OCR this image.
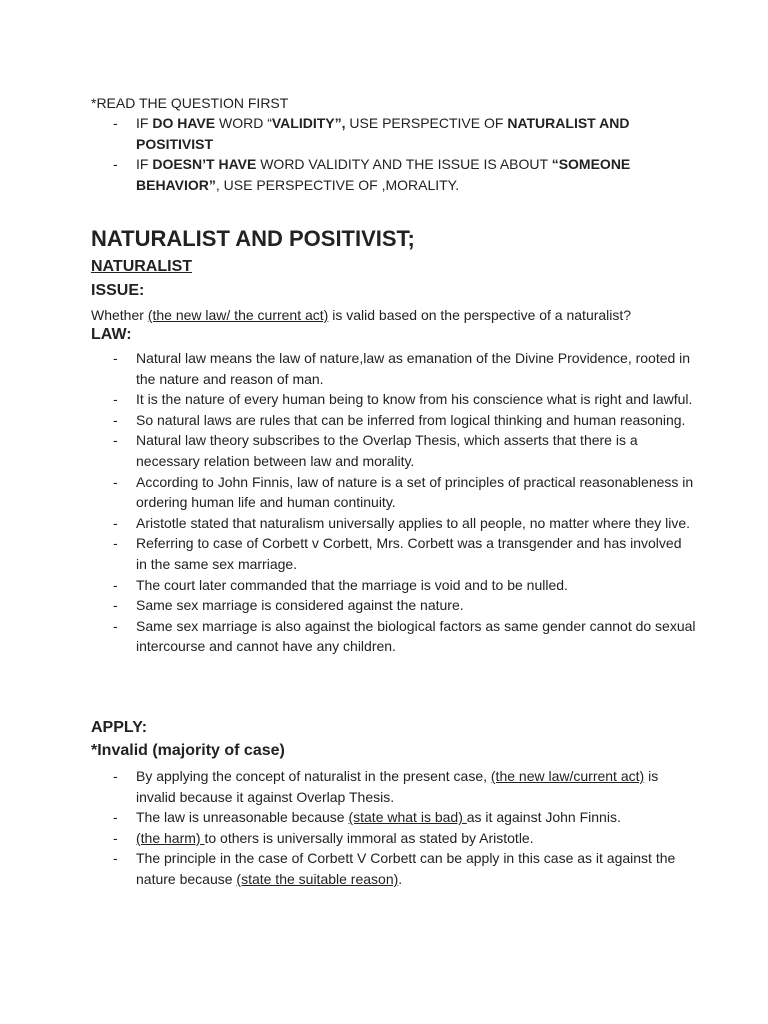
*READ THE QUESTION FIRST
- IF DO HAVE WORD “VALIDITY”, USE PERSPECTIVE OF NATURALIST AND POSITIVIST
- IF DOESN’T HAVE WORD VALIDITY AND THE ISSUE IS ABOUT “SOMEONE BEHAVIOR”, USE PERSPECTIVE OF ,MORALITY.
NATURALIST AND POSITIVIST;
NATURALIST
ISSUE:
Whether (the new law/ the current act) is valid based on the perspective of a naturalist?
LAW:
- Natural law means the law of nature,law as emanation of the Divine Providence, rooted in the nature and reason of man.
- It is the nature of every human being to know from his conscience what is right and lawful.
- So natural laws are rules that can be inferred from logical thinking and human reasoning.
- Natural law theory subscribes to the Overlap Thesis, which asserts that there is a necessary relation between law and morality.
- According to John Finnis, law of nature is a set of principles of practical reasonableness in ordering human life and human continuity.
- Aristotle stated that naturalism universally applies to all people, no matter where they live.
- Referring to case of Corbett v Corbett, Mrs. Corbett was a transgender and has involved in the same sex marriage.
- The court later commanded that the marriage is void and to be nulled.
- Same sex marriage is considered against the nature.
- Same sex marriage is also against the biological factors as same gender cannot do sexual intercourse and cannot have any children.
APPLY:
*Invalid (majority of case)
- By applying the concept of naturalist in the present case, (the new law/current act) is invalid because it against Overlap Thesis.
- The law is unreasonable because (state what is bad) as it against John Finnis.
- (the harm) to others is universally immoral as stated by Aristotle.
- The principle in the case of Corbett V Corbett can be apply in this case as it against the nature because (state the suitable reason).
